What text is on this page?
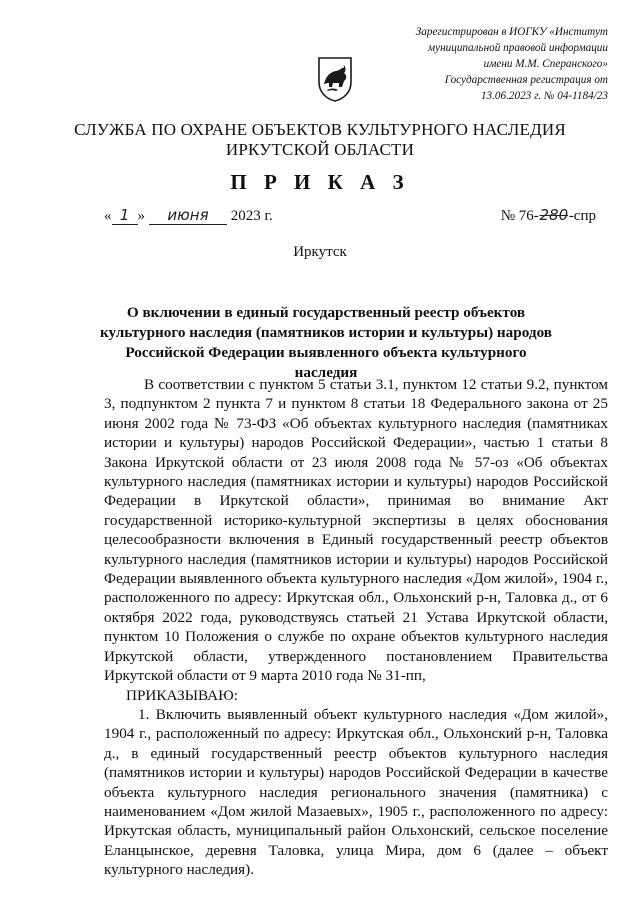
Зарегистрирован в ИОГКУ «Институт
муниципальной правовой информации
имени М.М. Сперанского»
Государственная регистрация от
13.06.2023 г. № 04-1184/23
СЛУЖБА ПО ОХРАНЕ ОБЪЕКТОВ КУЛЬТУРНОГО НАСЛЕДИЯ
ИРКУТСКОЙ ОБЛАСТИ
П Р И К А З
« 1 » июня 2023 г.	№ 76-280-спр
Иркутск
О включении в единый государственный реестр объектов культурного наследия (памятников истории и культуры) народов Российской Федерации выявленного объекта культурного наследия

В соответствии с пунктом 5 статьи 3.1, пунктом 12 статьи 9.2, пунктом 3, подпунктом 2 пункта 7 и пунктом 8 статьи 18 Федерального закона от 25 июня 2002 года № 73-ФЗ «Об объектах культурного наследия (памятниках истории и культуры) народов Российской Федерации», частью 1 статьи 8 Закона Иркутской области от 23 июля 2008 года № 57-оз «Об объектах культурного наследия (памятниках истории и культуры) народов Российской Федерации в Иркутской области», принимая во внимание Акт государственной историко-культурной экспертизы в целях обоснования целесообразности включения в Единый государственный реестр объектов культурного наследия (памятников истории и культуры) народов Российской Федерации выявленного объекта культурного наследия «Дом жилой», 1904 г., расположенного по адресу: Иркутская обл., Ольхонский р-н, Таловка д., от 6 октября 2022 года, руководствуясь статьей 21 Устава Иркутской области, пунктом 10 Положения о службе по охране объектов культурного наследия Иркутской области, утвержденного постановлением Правительства Иркутской области от 9 марта 2010 года № 31-пп,

ПРИКАЗЫВАЮ:

1. Включить выявленный объект культурного наследия «Дом жилой», 1904 г., расположенный по адресу: Иркутская обл., Ольхонский р-н, Таловка д., в единый государственный реестр объектов культурного наследия (памятников истории и культуры) народов Российской Федерации в качестве объекта культурного наследия регионального значения (памятника) с наименованием «Дом жилой Мазаевых», 1905 г., расположенного по адресу: Иркутская область, муниципальный район Ольхонский, сельское поселение Еланцынское, деревня Таловка, улица Мира, дом 6 (далее – объект культурного наследия).
